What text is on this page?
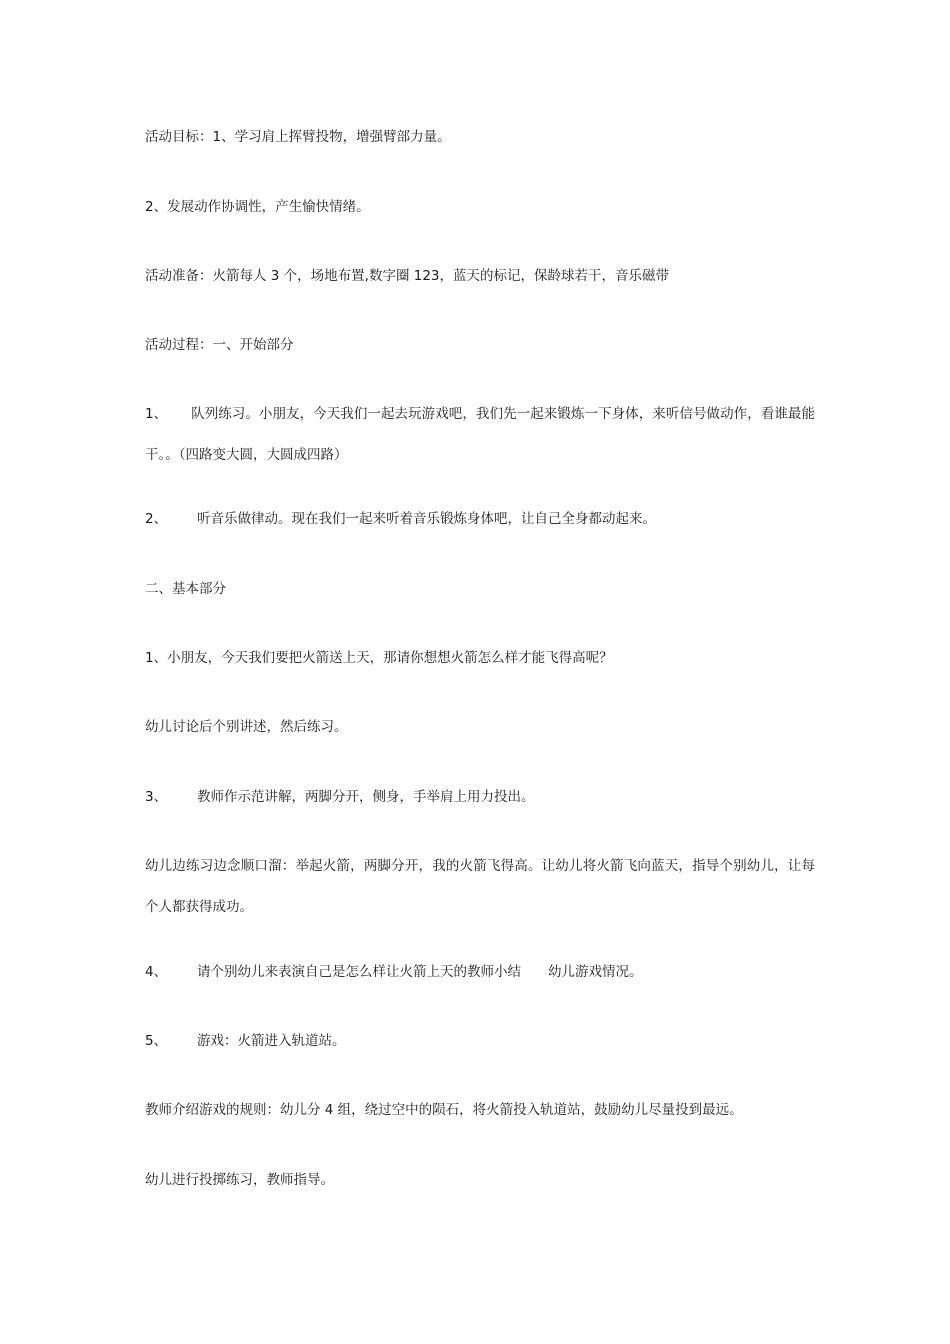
活动目标：1、学习肩上挥臂投物，增强臂部力量。
2、发展动作协调性，产生愉快情绪。
活动准备：火箭每人 3 个，场地布置,数字圈 123，蓝天的标记，保龄球若干，音乐磁带
活动过程：一、开始部分
1、 队列练习。小朋友，今天我们一起去玩游戏吧，我们先一起来锻炼一下身体，来听信号做动作，看谁最能干。。（四路变大圆，大圆成四路）
2、 听音乐做律动。现在我们一起来听着音乐锻炼身体吧，让自己全身都动起来。
二、基本部分
1、小朋友，今天我们要把火箭送上天，那请你想想火箭怎么样才能飞得高呢？
幼儿讨论后个别讲述，然后练习。
3、 教师作示范讲解，两脚分开，侧身，手举肩上用力投出。
幼儿边练习边念顺口溜：举起火箭，两脚分开，我的火箭飞得高。让幼儿将火箭飞向蓝天，指导个别幼儿，让每个人都获得成功。
4、 请个别幼儿来表演自己是怎么样让火箭上天的教师小结 幼儿游戏情况。
5、 游戏：火箭进入轨道站。
教师介绍游戏的规则：幼儿分 4 组，绕过空中的陨石，将火箭投入轨道站，鼓励幼儿尽量投到最远。
幼儿进行投掷练习，教师指导。
